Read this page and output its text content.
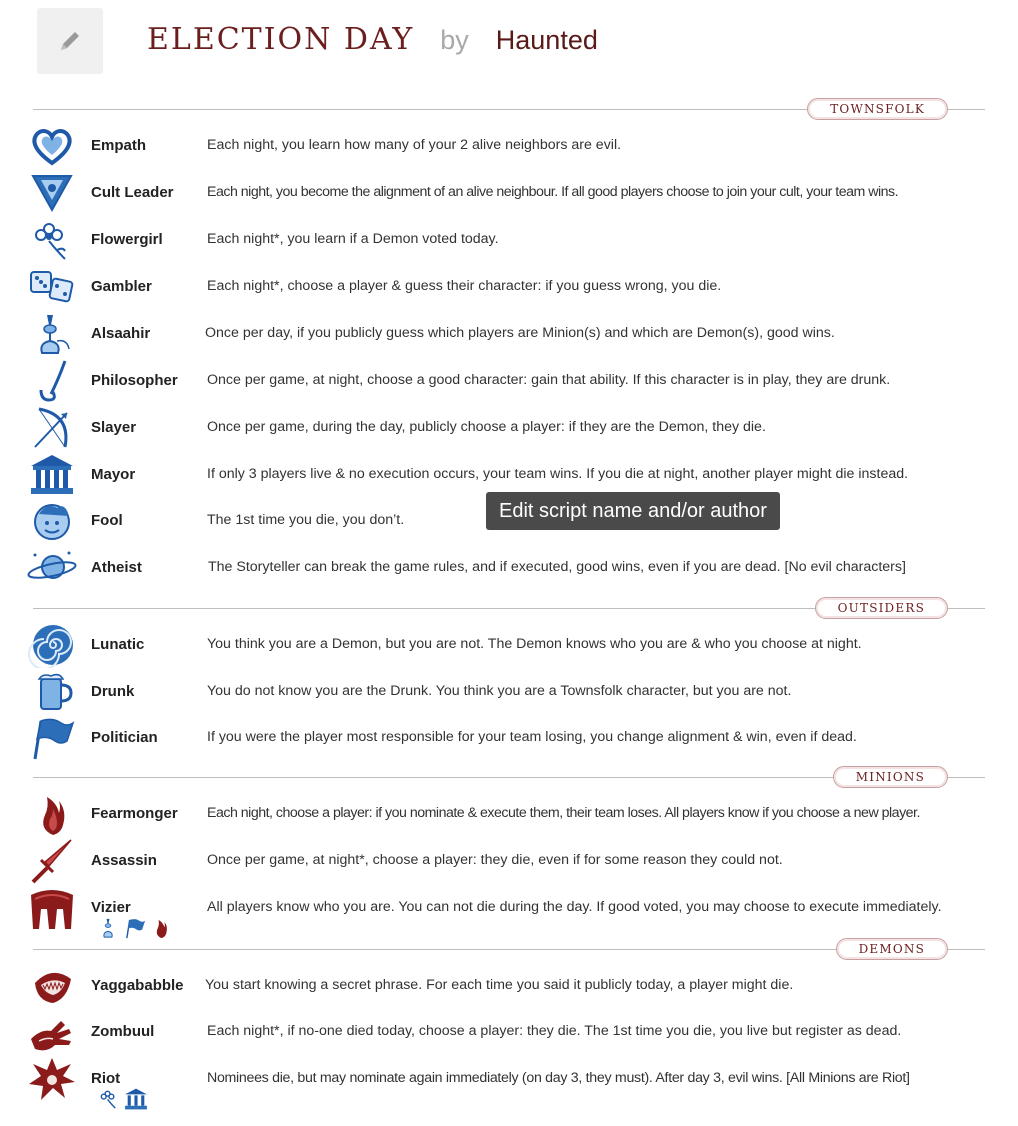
ELECTION DAY by Haunted
TOWNSFOLK
Empath	Each night, you learn how many of your 2 alive neighbors are evil.
Cult Leader Each night, you become the alignment of an alive neighbour. If all good players choose to join your cult, your team wins.
Flowergirl	Each night*, you learn if a Demon voted today.
Gambler	Each night*, choose a player & guess their character: if you guess wrong, you die.
Alsaahir	Once per day, if you publicly guess which players are Minion(s) and which are Demon(s), good wins.
Philosopher Once per game, at night, choose a good character: gain that ability. If this character is in play, they are drunk.
Slayer	Once per game, during the day, publicly choose a player: if they are the Demon, they die.
Mayor	If only 3 players live & no execution occurs, your team wins. If you die at night, another player might die instead.
Fool	The 1st time you die, you don’t.
Atheist	The Storyteller can break the game rules, and if executed, good wins, even if you are dead. [No evil characters]
OUTSIDERS
Lunatic	You think you are a Demon, but you are not. The Demon knows who you are & who you choose at night.
Drunk	You do not know you are the Drunk. You think you are a Townsfolk character, but you are not.
Politician	If you were the player most responsible for your team losing, you change alignment & win, even if dead.
MINIONS
Fearmonger Each night, choose a player: if you nominate & execute them, their team loses. All players know if you choose a new player.
Assassin	Once per game, at night*, choose a player: they die, even if for some reason they could not.
Vizier	All players know who you are. You can not die during the day. If good voted, you may choose to execute immediately.
DEMONS
Yaggababble You start knowing a secret phrase. For each time you said it publicly today, a player might die.
Zombuul	Each night*, if no-one died today, choose a player: they die. The 1st time you die, you live but register as dead.
Riot	Nominees die, but may nominate again immediately (on day 3, they must). After day 3, evil wins. [All Minions are Riot]
Edit script name and/or author
